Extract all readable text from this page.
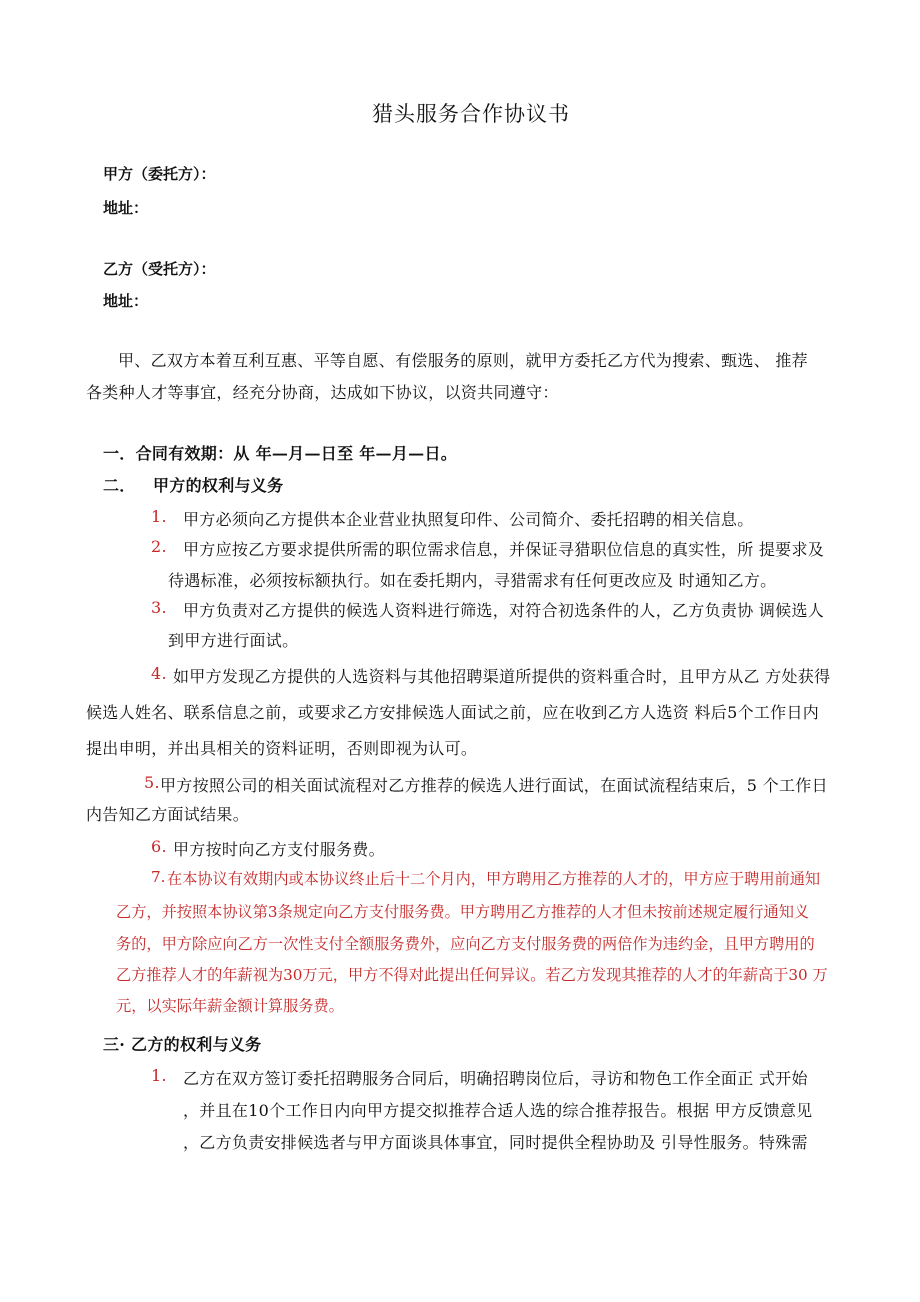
猎头服务合作协议书
甲方（委托方）：
地址：
乙方（受托方）：
地址：
甲、乙双方本着互利互惠、平等自愿、有偿服务的原则，就甲方委托乙方代为搜索、甄选、 推荐
各类种人才等事宜，经充分协商，达成如下协议，以资共同遵守：
一．合同有效期：从 年—月—日至 年—月—日。
二． 甲方的权利与义务
1. 甲方必须向乙方提供本企业营业执照复印件、公司简介、委托招聘的相关信息。
2. 甲方应按乙方要求提供所需的职位需求信息，并保证寻猎职位信息的真实性，所 提要求及
待遇标准，必须按标额执行。如在委托期内，寻猎需求有任何更改应及 时通知乙方。
3. 甲方负责对乙方提供的候选人资料进行筛选，对符合初选条件的人，乙方负责协 调候选人
到甲方进行面试。
4. 如甲方发现乙方提供的人选资料与其他招聘渠道所提供的资料重合时，且甲方从乙 方处获得
候选人姓名、联系信息之前，或要求乙方安排候选人面试之前，应在收到乙方人选资 料后5个工作日内
提出申明，并出具相关的资料证明，否则即视为认可。
5. 甲方按照公司的相关面试流程对乙方推荐的候选人进行面试，在面试流程结束后，5 个工作日
内告知乙方面试结果。
6. 甲方按时向乙方支付服务费。
7. 在本协议有效期内或本协议终止后十二个月内，甲方聘用乙方推荐的人才的，甲方应于聘用前通知
乙方，并按照本协议第3条规定向乙方支付服务费。甲方聘用乙方推荐的人才但未按前述规定履行通知义
务的，甲方除应向乙方一次性支付全额服务费外，应向乙方支付服务费的两倍作为违约金，且甲方聘用的
乙方推荐人才的年薪视为30万元，甲方不得对此提出任何异议。若乙方发现其推荐的人才的年薪高于30 万
元，以实际年薪金额计算服务费。
三· 乙方的权利与义务
1. 乙方在双方签订委托招聘服务合同后，明确招聘岗位后，寻访和物色工作全面正 式开始
，并且在10个工作日内向甲方提交拟推荐合适人选的综合推荐报告。根据 甲方反馈意见
，乙方负责安排候选者与甲方面谈具体事宜，同时提供全程协助及 引导性服务。特殊需
